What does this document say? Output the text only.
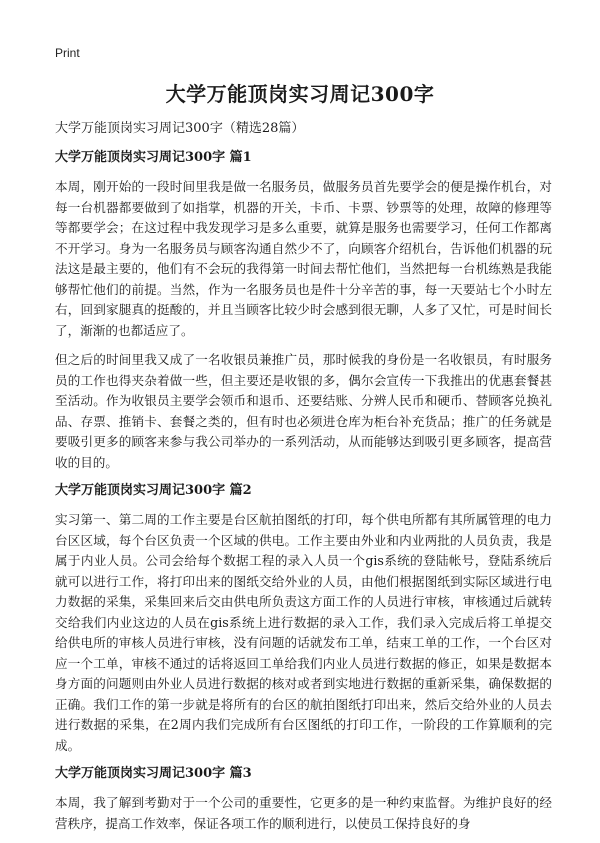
Print
大学万能顶岗实习周记300字

大学万能顶岗实习周记300字（精选28篇）

大学万能顶岗实习周记300字 篇1

本周，刚开始的一段时间里我是做一名服务员，做服务员首先要学会的便是操作机台，对每一台机器都要做到了如指掌，机器的开关，卡币、卡票、钞票等的处理，故障的修理等等都要学会；在这过程中我发现学习是多么重要，就算是服务也需要学习，任何工作都离不开学习。身为一名服务员与顾客沟通自然少不了，向顾客介绍机台，告诉他们机器的玩法这是最主要的，他们有不会玩的我得第一时间去帮忙他们，当然把每一台机练熟是我能够帮忙他们的前提。当然，作为一名服务员也是件十分辛苦的事，每一天要站七个小时左右，回到家腿真的挺酸的，并且当顾客比较少时会感到很无聊，人多了又忙，可是时间长了，渐渐的也都适应了。

但之后的时间里我又成了一名收银员兼推广员，那时候我的身份是一名收银员，有时服务员的工作也得夹杂着做一些，但主要还是收银的多，偶尔会宣传一下我推出的优惠套餐甚至活动。作为收银员主要学会领币和退币、还要结账、分辨人民币和硬币、替顾客兑换礼品、存票、推销卡、套餐之类的，但有时也必须进仓库为柜台补充货品；推广的任务就是要吸引更多的顾客来参与我公司举办的一系列活动，从而能够达到吸引更多顾客，提高营收的目的。

大学万能顶岗实习周记300字 篇2

实习第一、第二周的工作主要是台区航拍图纸的打印，每个供电所都有其所属管理的电力台区区域，每个台区负责一个区域的供电。工作主要由外业和内业两批的人员负责，我是属于内业人员。公司会给每个数据工程的录入人员一个gis系统的登陆帐号，登陆系统后就可以进行工作，将打印出来的图纸交给外业的人员，由他们根据图纸到实际区域进行电力数据的采集，采集回来后交由供电所负责这方面工作的人员进行审核，审核通过后就转交给我们内业这边的人员在gis系统上进行数据的录入工作，我们录入完成后将工单提交给供电所的审核人员进行审核，没有问题的话就发布工单，结束工单的工作，一个台区对应一个工单，审核不通过的话将返回工单给我们内业人员进行数据的修正，如果是数据本身方面的问题则由外业人员进行数据的核对或者到实地进行数据的重新采集，确保数据的正确。我们工作的第一步就是将所有的台区的航拍图纸打印出来，然后交给外业的人员去进行数据的采集，在2周内我们完成所有台区图纸的打印工作，一阶段的工作算顺利的完成。

大学万能顶岗实习周记300字 篇3

本周，我了解到考勤对于一个公司的重要性，它更多的是一种约束监督。为维护良好的经营秩序，提高工作效率，保证各项工作的顺利进行，以使员工保持良好的身
